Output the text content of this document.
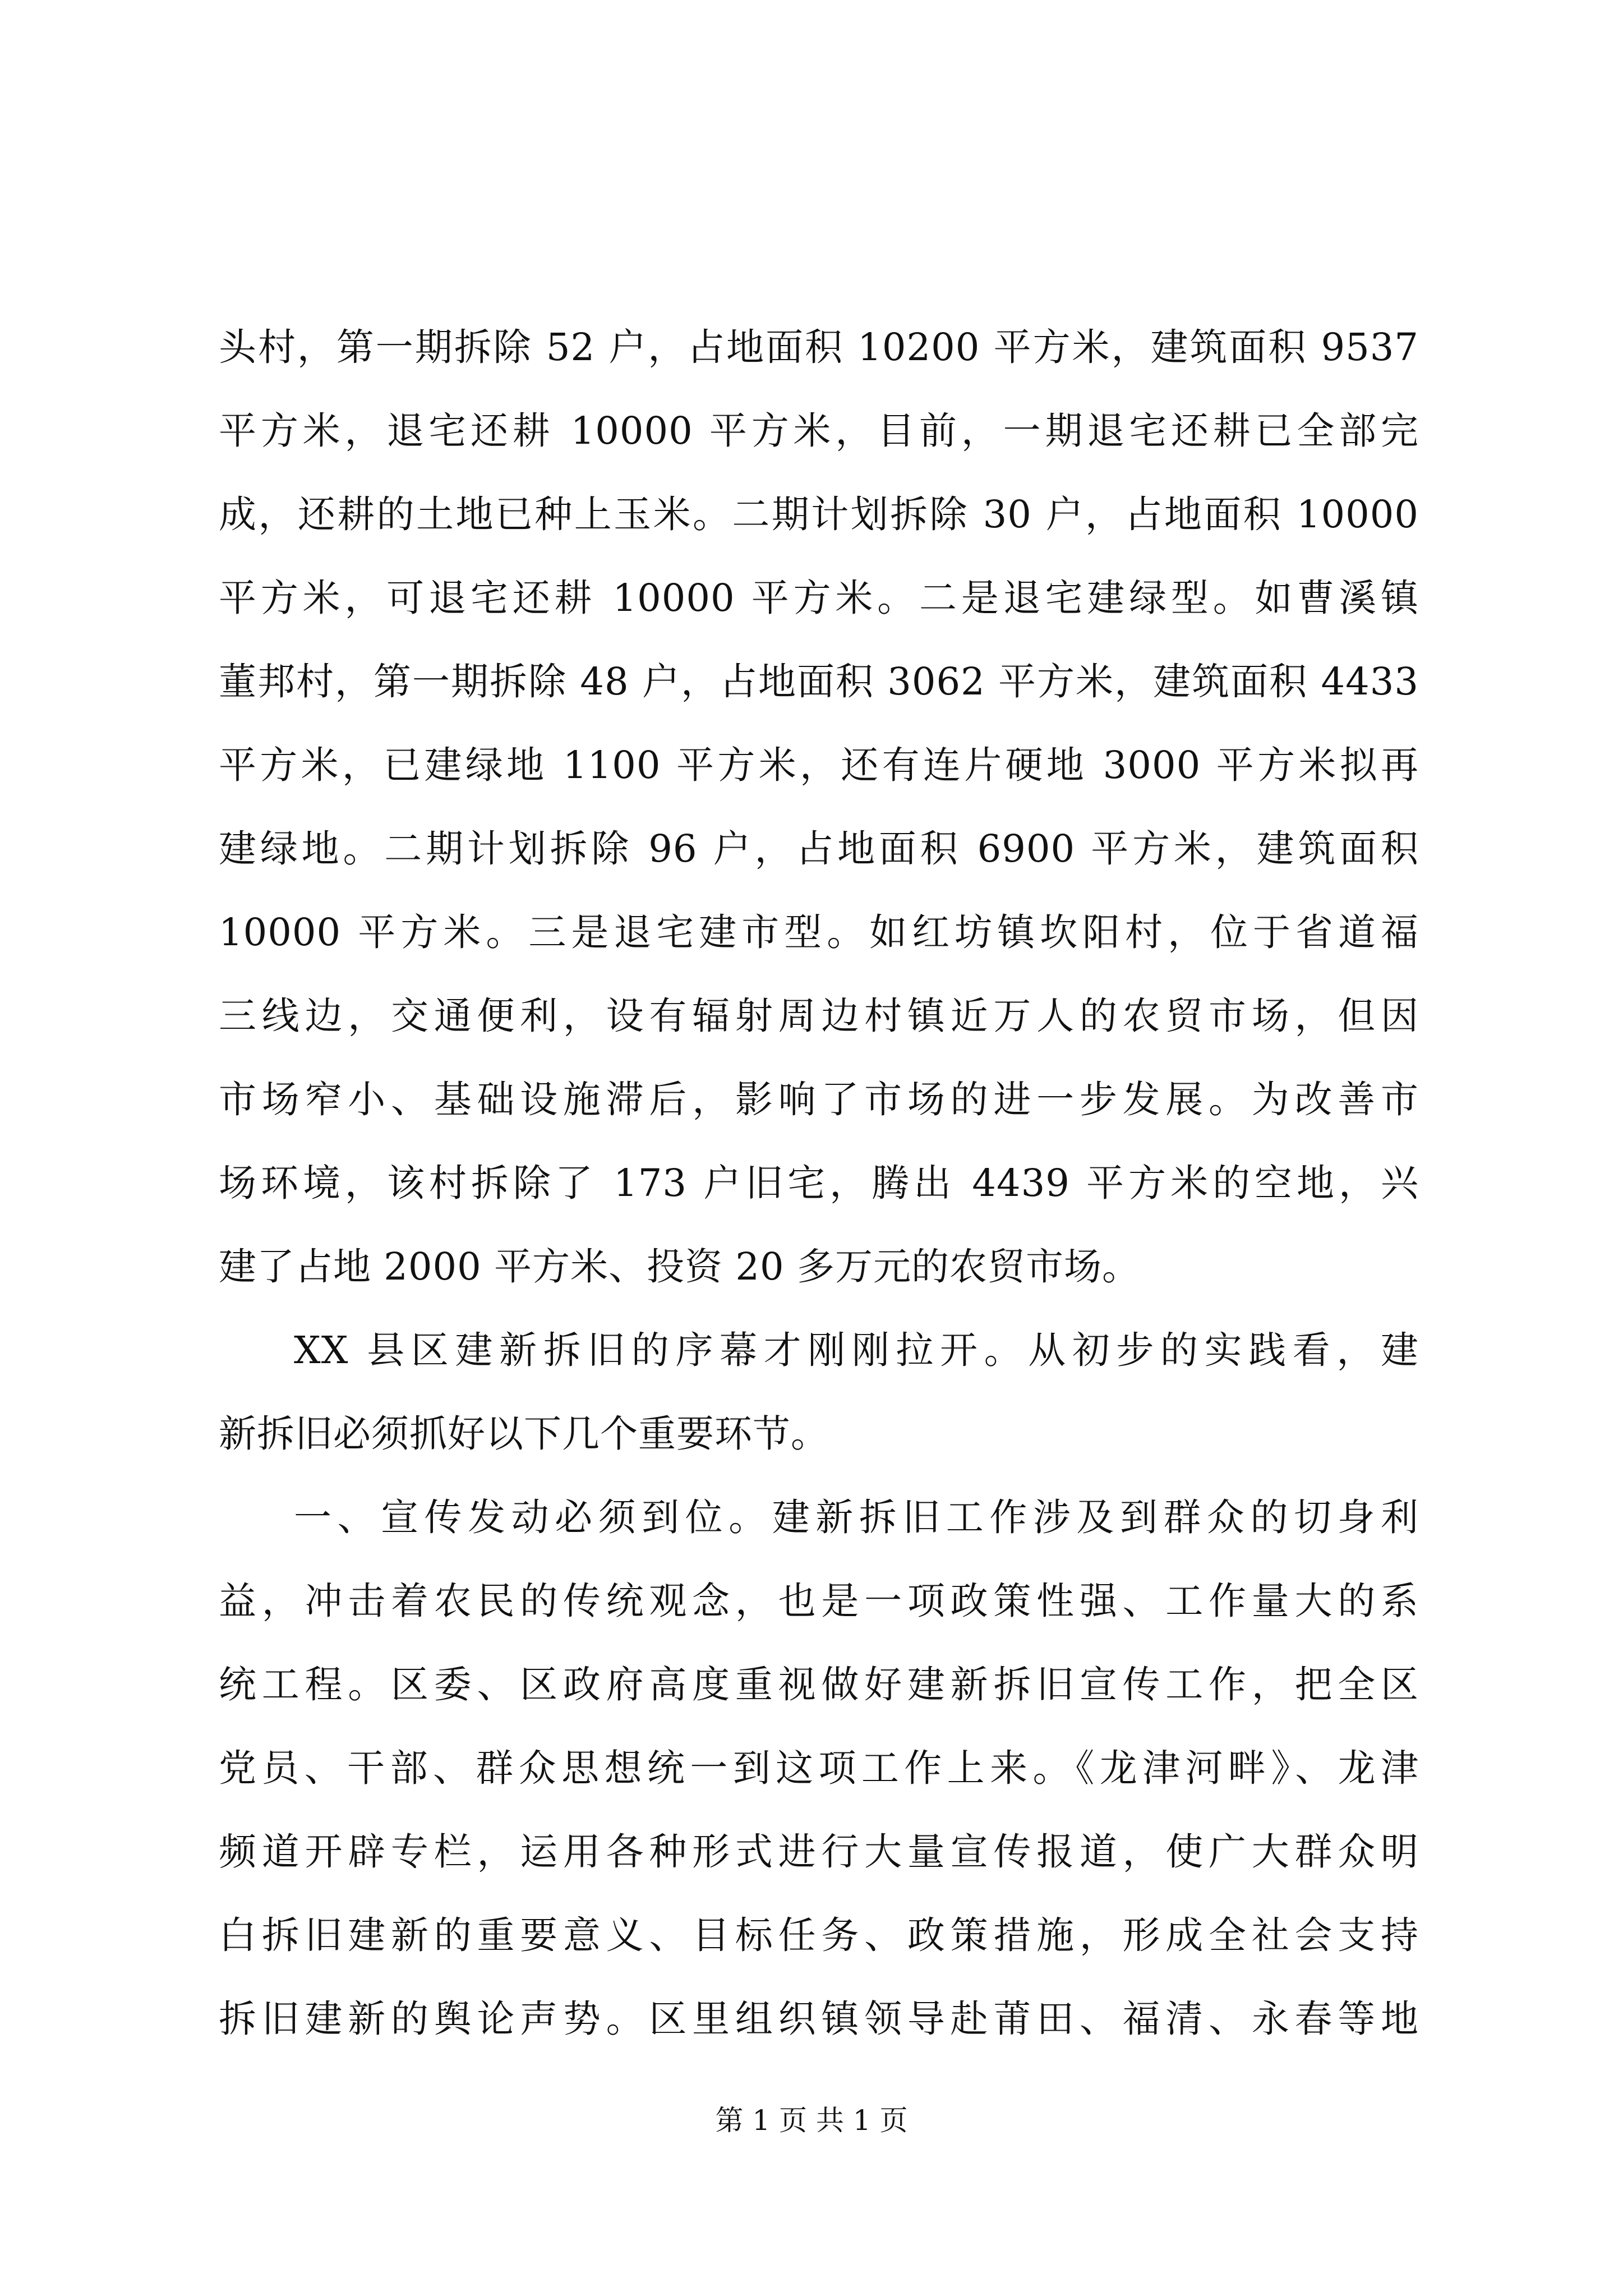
头村，第一期拆除 52 户，占地面积 10200 平方米，建筑面积 9537
平方米，退宅还耕 10000 平方米，目前，一期退宅还耕已全部完
成，还耕的土地已种上玉米。二期计划拆除 30 户，占地面积 10000
平方米，可退宅还耕 10000 平方米。二是退宅建绿型。如曹溪镇
董邦村，第一期拆除 48 户，占地面积 3062 平方米，建筑面积 4433
平方米，已建绿地 1100 平方米，还有连片硬地 3000 平方米拟再
建绿地。二期计划拆除 96 户，占地面积 6900 平方米，建筑面积
10000 平方米。三是退宅建市型。如红坊镇坎阳村，位于省道福
三线边，交通便利，设有辐射周边村镇近万人的农贸市场，但因
市场窄小、基础设施滞后，影响了市场的进一步发展。为改善市
场环境，该村拆除了 173 户旧宅，腾出 4439 平方米的空地，兴
建了占地 2000 平方米、投资 20 多万元的农贸市场。
XX 县区建新拆旧的序幕才刚刚拉开。从初步的实践看，建
新拆旧必须抓好以下几个重要环节。
一、宣传发动必须到位。建新拆旧工作涉及到群众的切身利
益，冲击着农民的传统观念，也是一项政策性强、工作量大的系
统工程。区委、区政府高度重视做好建新拆旧宣传工作，把全区
党员、干部、群众思想统一到这项工作上来。《龙津河畔》、龙津
频道开辟专栏，运用各种形式进行大量宣传报道，使广大群众明
白拆旧建新的重要意义、目标任务、政策措施，形成全社会支持
拆旧建新的舆论声势。区里组织镇领导赴莆田、福清、永春等地
第 1 页 共 1 页
